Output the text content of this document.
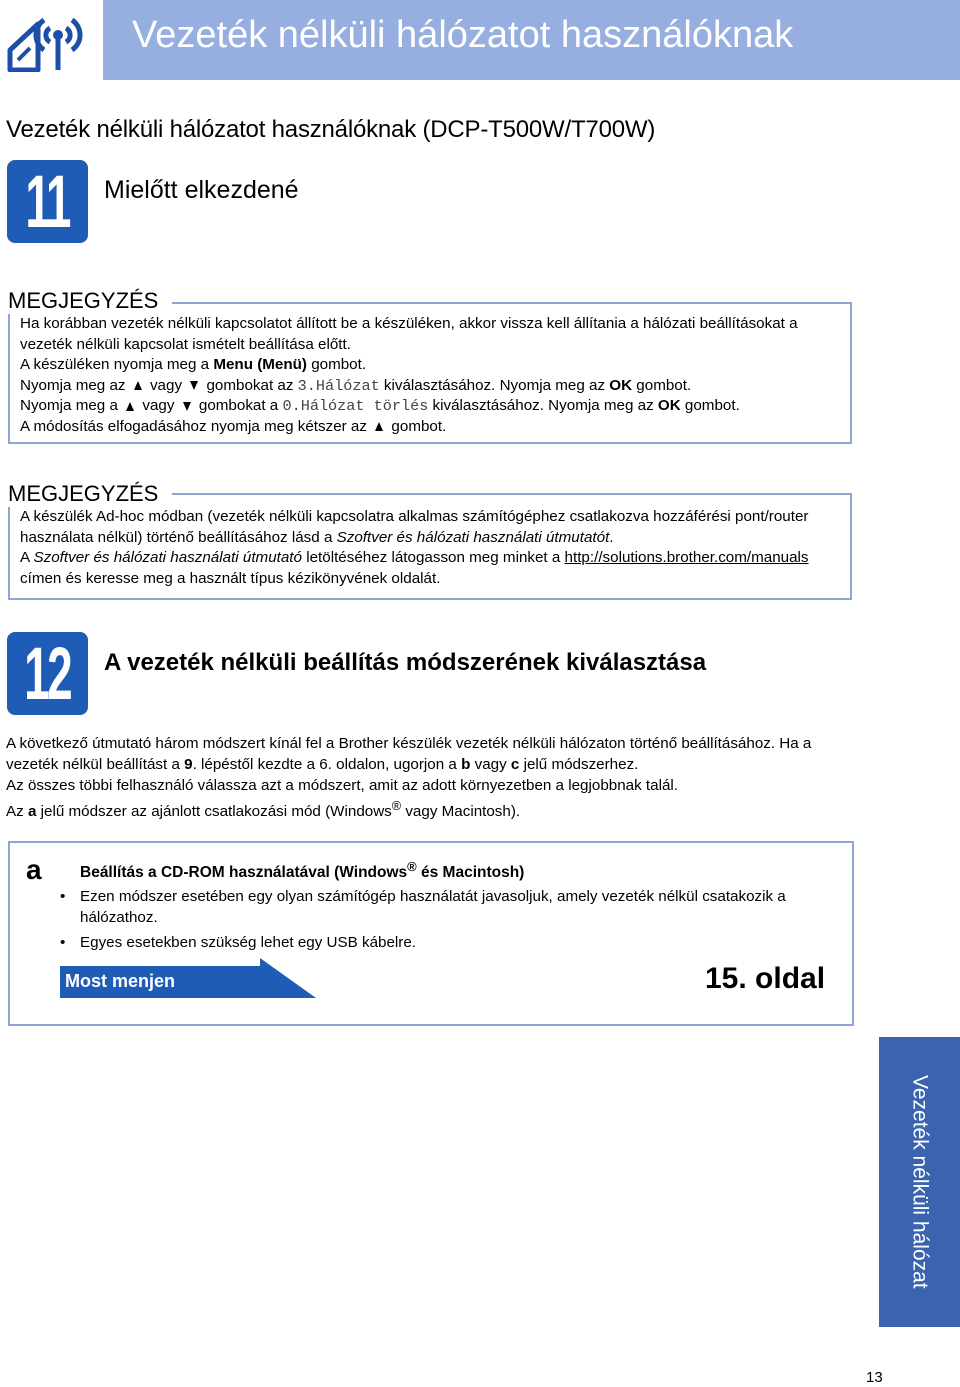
Vezeték nélküli hálózatot használóknak
Vezeték nélküli hálózatot használóknak (DCP-T500W/T700W)
11 Mielőtt elkezdené
MEGJEGYZÉS
Ha korábban vezeték nélküli kapcsolatot állított be a készüléken, akkor vissza kell állítania a hálózati beállításokat a vezeték nélküli kapcsolat ismételt beállítása előtt.
A készüléken nyomja meg a Menu (Menü) gombot.
Nyomja meg az  vagy  gombokat az 3.Hálózat kiválasztásához. Nyomja meg az OK gombot.
Nyomja meg a  vagy  gombokat a 0.Hálózat törlés kiválasztásához. Nyomja meg az OK gombot.
A módosítás elfogadásához nyomja meg kétszer az  gombot.
MEGJEGYZÉS
A készülék Ad-hoc módban (vezeték nélküli kapcsolatra alkalmas számítógéphez csatlakozva hozzáférési pont/router használata nélkül) történő beállításához lásd a Szoftver és hálózati használati útmutatót.
A Szoftver és hálózati használati útmutató letöltéséhez látogasson meg minket a http://solutions.brother.com/manuals címen és keresse meg a használt típus kézikönyvének oldalát.
12 A vezeték nélküli beállítás módszerének kiválasztása
A következő útmutató három módszert kínál fel a Brother készülék vezeték nélküli hálózaton történő beállításához. Ha a vezeték nélkül beállítást a 9. lépéstől kezdte a 6. oldalon, ugorjon a b vagy c jelű módszerhez.
Az összes többi felhasználó válassza azt a módszert, amit az adott környezetben a legjobbnak talál.
Az a jelű módszer az ajánlott csatlakozási mód (Windows® vagy Macintosh).
a Beállítás a CD-ROM használatával (Windows® és Macintosh)
• Ezen módszer esetében egy olyan számítógép használatát javasoljuk, amely vezeték nélkül csatakozik a hálózathoz.
• Egyes esetekben szükség lehet egy USB kábelre.
Most menjen	15. oldal
Vezeték nélküli hálózat
13
